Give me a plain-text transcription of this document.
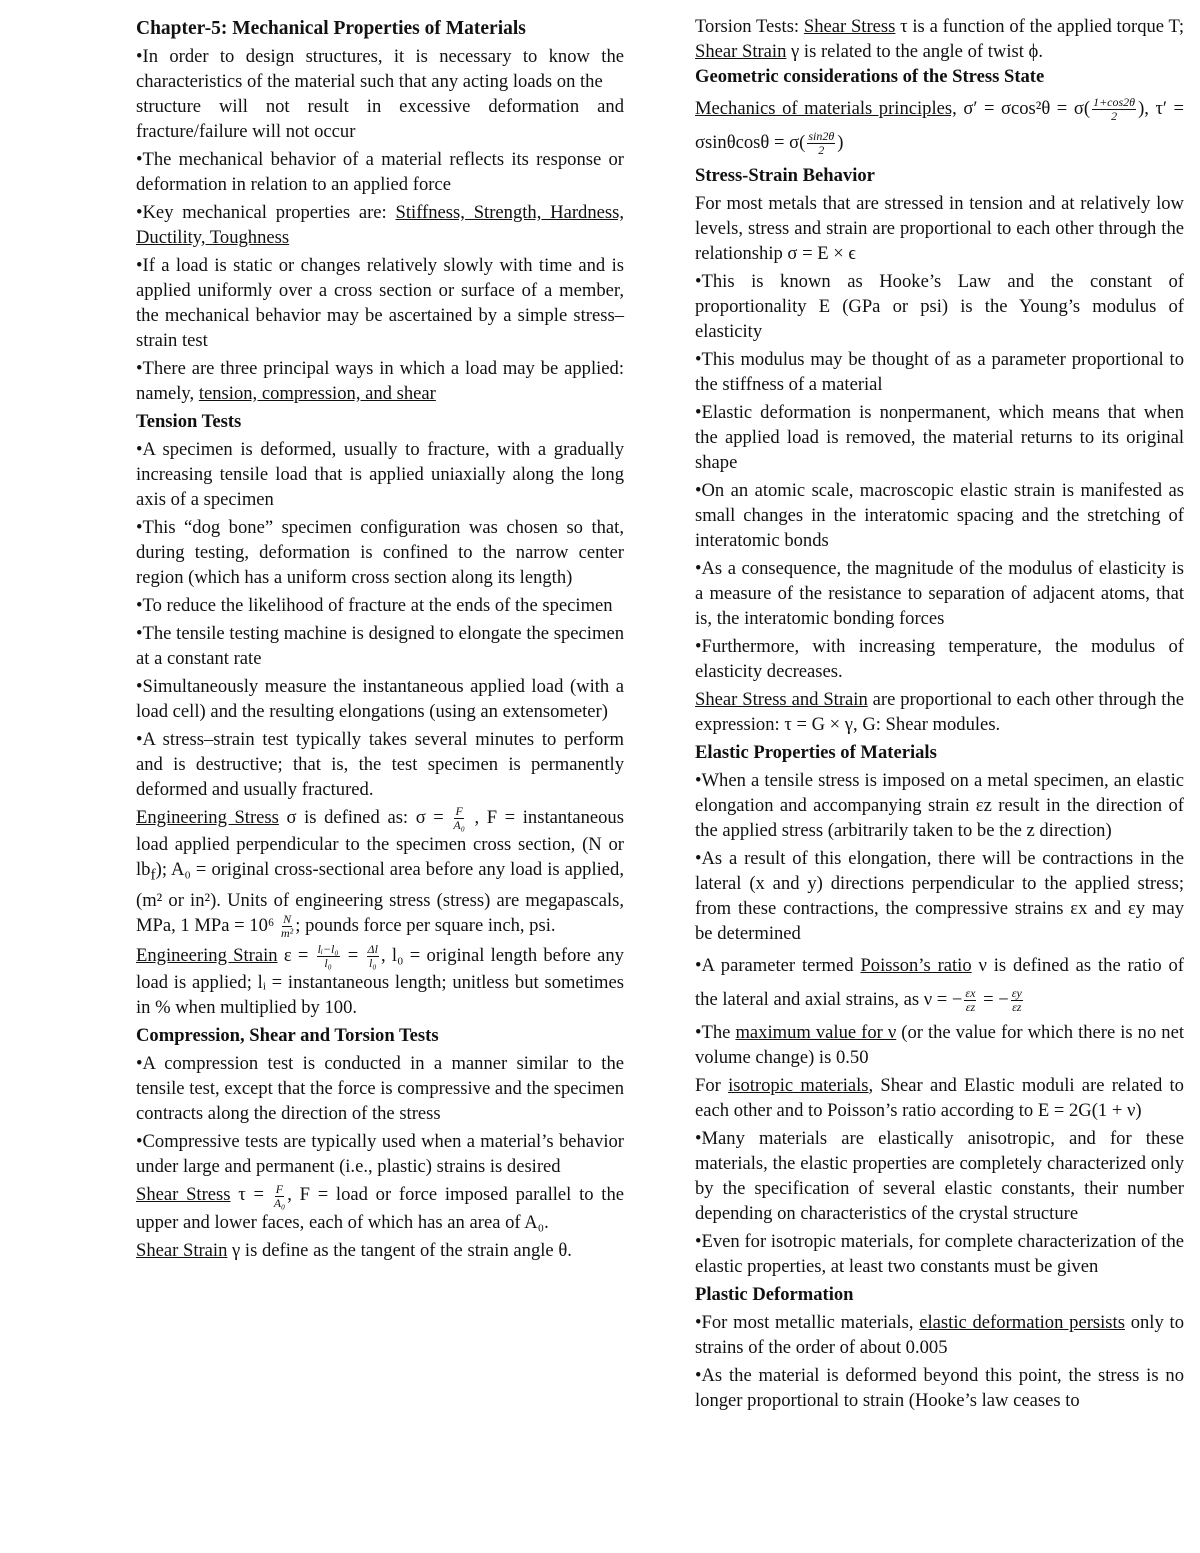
Chapter-5: Mechanical Properties of Materials

•In order to design structures, it is necessary to know the characteristics of the material such that any acting loads on the

structure will not result in excessive deformation and fracture/failure will not occur

•The mechanical behavior of a material reflects its response or deformation in relation to an applied force

•Key mechanical properties are: Stiffness, Strength, Hardness, Ductility, Toughness

•If a load is static or changes relatively slowly with time and is applied uniformly over a cross section or surface of a member, the mechanical behavior may be ascertained by a simple stress–strain test

•There are three principal ways in which a load may be applied: namely, tension, compression, and shear

Tension Tests

•A specimen is deformed, usually to fracture, with a gradually increasing tensile load that is applied uniaxially along the long axis of a specimen

•This “dog bone” specimen configuration was chosen so that, during testing, deformation is confined to the narrow center region (which has a uniform cross section along its length)

•To reduce the likelihood of fracture at the ends of the specimen

•The tensile testing machine is designed to elongate the specimen at a constant rate

•Simultaneously measure the instantaneous applied load (with a load cell) and the resulting elongations (using an extensometer)

•A stress–strain test typically takes several minutes to perform and is destructive; that is, the test specimen is permanently deformed and usually fractured.

Engineering Stress σ is defined as: $\sigma = \frac{F}{\text{A₀}}$ , F = instantaneous load applied perpendicular to the specimen cross section, (N or $lb_f$); A₀ = original cross-sectional area before any load is applied, (m² or in²). Units of engineering stress (stress) are megapascals, MPa, 1 MPa = $10^6 \frac{N}{\text{m²}}$ ; pounds force per square inch, psi.

Engineering Strain $\varepsilon = \frac{\text{lᵢ−l₀}}{\text{l₀}} = \frac{\Delta l}{\text{l₀}}$ , l₀ = original length before any load is applied; lᵢ = instantaneous length; unitless but sometimes in % when multiplied by 100.

Compression, Shear and Torsion Tests

•A compression test is conducted in a manner similar to the tensile test, except that the force is compressive and the specimen contracts along the direction of the stress

•Compressive tests are typically used when a material’s behavior under large and permanent (i.e., plastic) strains is desired

Shear Stress $\tau = \frac{F}{\text{A₀}}$ , F = load or force imposed parallel to the upper and lower faces, each of which has an area of A₀.

Shear Strain γ is define as the tangent of the strain angle θ.

Torsion Tests: Shear Stress τ is a function of the applied torque T; Shear Strain γ is related to the angle of twist ϕ.

Geometric considerations of the Stress State

Mechanics of materials principles, $\sigma' = \sigma\cos^2\theta = \sigma( \frac{1+\cos 2\theta}{2}$ ), $\tau' = \sigma\sin\theta\cos\theta = \sigma( \frac{\sin 2\theta}{2}$ )

Stress-Strain Behavior

For most metals that are stressed in tension and at relatively low levels, stress and strain are proportional to each other through the relationship σ = E × ϵ

•This is known as Hooke’s Law and the constant of proportionality E (GPa or psi) is the Young’s modulus of elasticity

•This modulus may be thought of as a parameter proportional to the stiffness of a material

•Elastic deformation is nonpermanent, which means that when the applied load is removed, the material returns to its original shape

•On an atomic scale, macroscopic elastic strain is manifested as small changes in the interatomic spacing and the stretching of interatomic bonds

•As a consequence, the magnitude of the modulus of elasticity is a measure of the resistance to separation of adjacent atoms, that is, the interatomic bonding forces

•Furthermore, with increasing temperature, the modulus of elasticity decreases.

Shear Stress and Strain are proportional to each other through the expression: τ = G × γ, G: Shear modules.

Elastic Properties of Materials

•When a tensile stress is imposed on a metal specimen, an elastic elongation and accompanying strain εz result in the direction of the applied stress (arbitrarily taken to be the z direction)

•As a result of this elongation, there will be contractions in the lateral (x and y) directions perpendicular to the applied stress; from these contractions, the compressive strains εx and εy may be determined

•A parameter termed Poisson’s ratio ν is defined as the ratio of the lateral and axial strains, as ν = − $\frac{\varepsilon x}{\varepsilon z}$ = − $\frac{\varepsilon y}{\varepsilon z}$

•The maximum value for ν (or the value for which there is no net volume change) is 0.50

For isotropic materials, Shear and Elastic moduli are related to each other and to Poisson’s ratio according to E = 2G(1 + ν)

•Many materials are elastically anisotropic, and for these materials, the elastic properties are completely characterized only by the specification of several elastic constants, their number depending on characteristics of the crystal structure

•Even for isotropic materials, for complete characterization of the elastic properties, at least two constants must be given

Plastic Deformation

•For most metallic materials, elastic deformation persists only to strains of the order of about 0.005

•As the material is deformed beyond this point, the stress is no longer proportional to strain (Hooke’s law ceases to
